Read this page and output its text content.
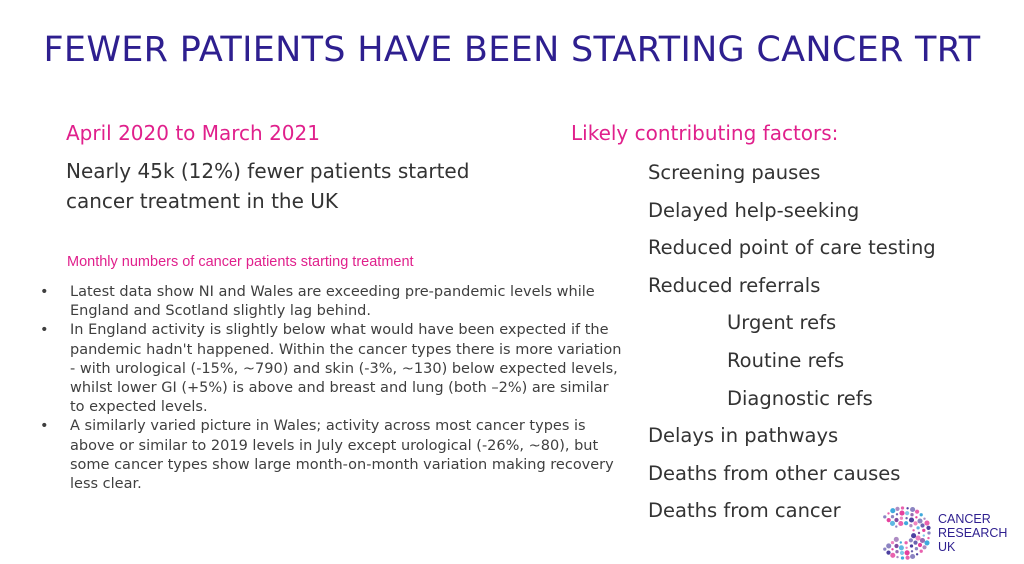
FEWER PATIENTS HAVE BEEN STARTING CANCER TRT
April 2020 to March 2021
Nearly 45k (12%) fewer patients started cancer treatment in the UK
Monthly numbers of cancer patients starting treatment
• Latest data show NI and Wales are exceeding pre-pandemic levels while England and Scotland slightly lag behind.
• In England activity is slightly below what would have been expected if the pandemic hadn't happened. Within the cancer types there is more variation - with urological (-15%, ~790) and skin (-3%, ~130) below expected levels, whilst lower GI (+5%) is above and breast and lung (both –2%) are similar to expected levels.
• A similarly varied picture in Wales; activity across most cancer types is above or similar to 2019 levels in July except urological (-26%, ~80), but some cancer types show large month-on-month variation making recovery less clear.
Likely contributing factors:
Screening pauses
Delayed help-seeking
Reduced point of care testing
Reduced referrals
Urgent refs
Routine refs
Diagnostic refs
Delays in pathways
Deaths from other causes
Deaths from cancer	CANCER
RESEARCH
UK
